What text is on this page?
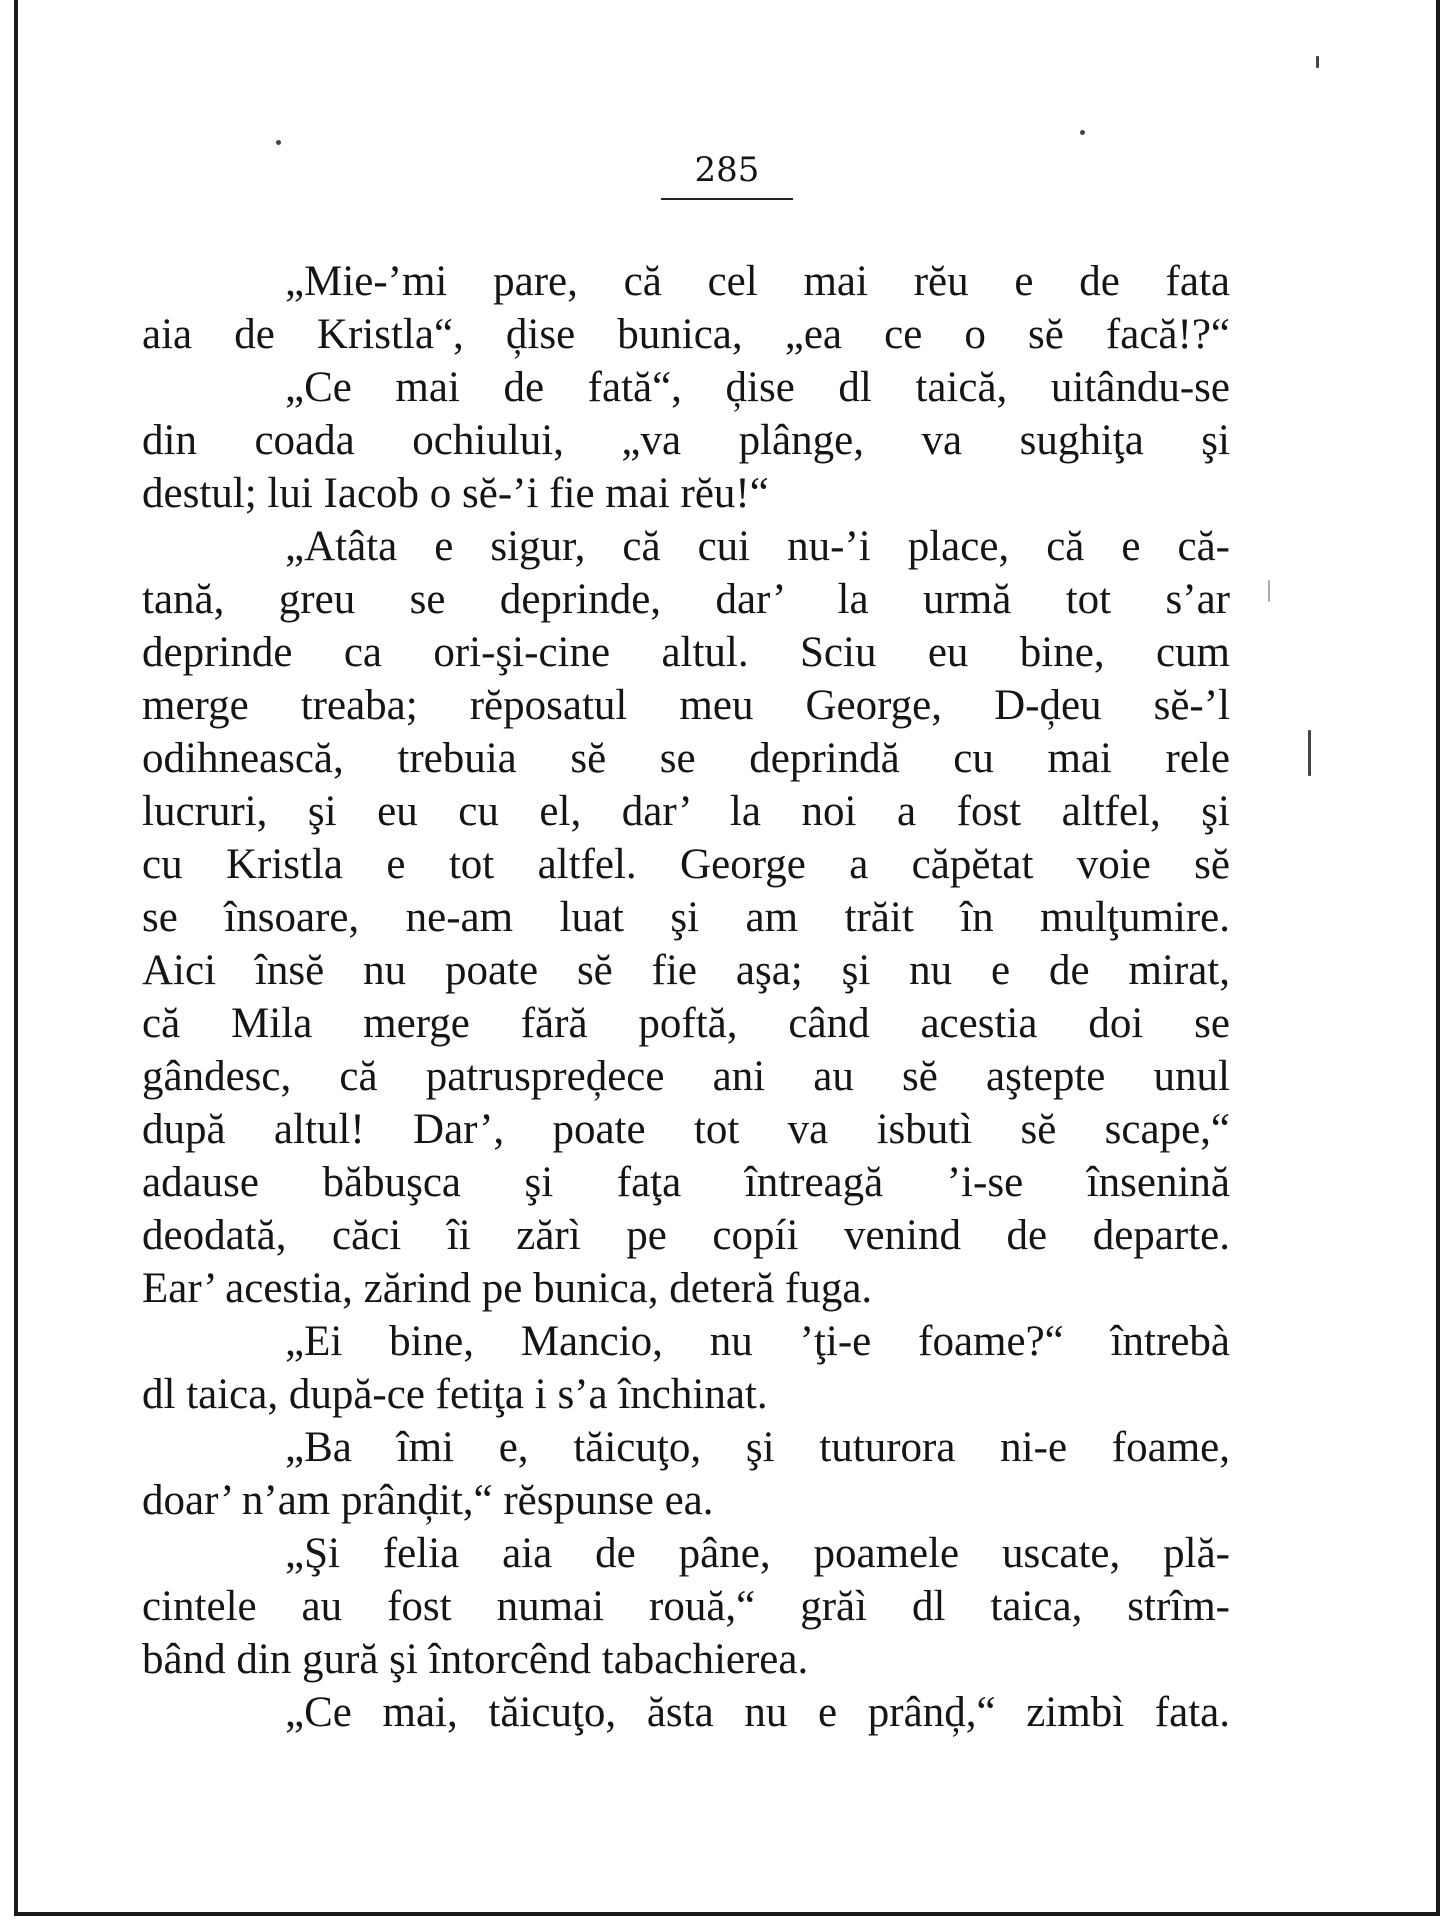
285
„Mie-’mi pare, că cel mai rĕu e de fata
aia de Kristla“, ḑise bunica, „ea ce o sĕ facă!?“
„Ce mai de fată“, ḑise dl taică, uitându-se
din coada ochiului, „va plânge, va sughiţa şi
destul; lui Iacob o sĕ-’i fie mai rĕu!“
„Atâta e sigur, că cui nu-’i place, că e că-
tană, greu se deprinde, dar’ la urmă tot s’ar
deprinde ca ori-şi-cine altul. Sciu eu bine, cum
merge treaba; rĕposatul meu George, D-ḑeu sĕ-’l
odihnească, trebuia sĕ se deprindă cu mai rele
lucruri, şi eu cu el, dar’ la noi a fost altfel, şi
cu Kristla e tot altfel. George a căpĕtat voie sĕ
se însoare, ne-am luat şi am trăit în mulţumire.
Aici însĕ nu poate sĕ fie aşa; şi nu e de mirat,
că Mila merge fără poftă, când acestia doi se
gândesc, că patrusprеḑece ani au sĕ aştepte unul
după altul! Dar’, poate tot va isbutì sĕ scape,“
adause băbuşca şi faţa întreagă ’i-se însenină
deodată, căci îi zărì pe copíi venind de departe.
Ear’ acestia, zărind pe bunica, deteră fuga.
„Ei bine, Mancio, nu ’ţi-e foame?“ întrebà
dl taica, după-ce fetiţa i s’a închinat.
„Ba îmi e, tăicuţo, şi tuturora ni-e foame,
doar’ n’am prânḑit,“ rĕspunse ea.
„Şi felia aia de pâne, poamele uscate, plă-
cintele au fost numai rouă,“ grăì dl taica, strîm-
bând din gură şi întorcênd tabachierea.
„Ce mai, tăicuţo, ăsta nu e prânḑ,“ zimbì fata.
